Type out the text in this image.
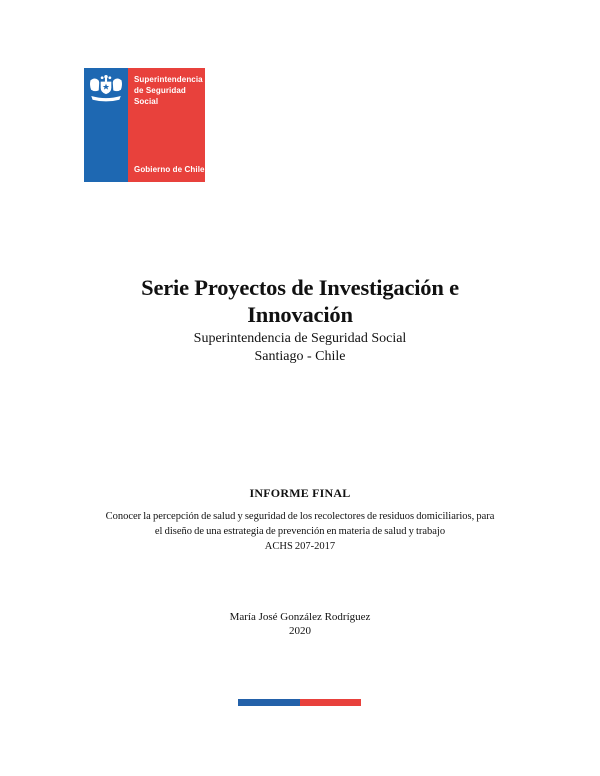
Superintendencia
de Seguridad
Social
Gobierno de Chile
Serie Proyectos de Investigación e
Innovación
Superintendencia de Seguridad Social
Santiago - Chile
INFORME FINAL
Conocer la percepción de salud y seguridad de los recolectores de residuos domiciliarios, para
el diseño de una estrategia de prevención en materia de salud y trabajo
ACHS 207-2017
María José González Rodríguez
2020
